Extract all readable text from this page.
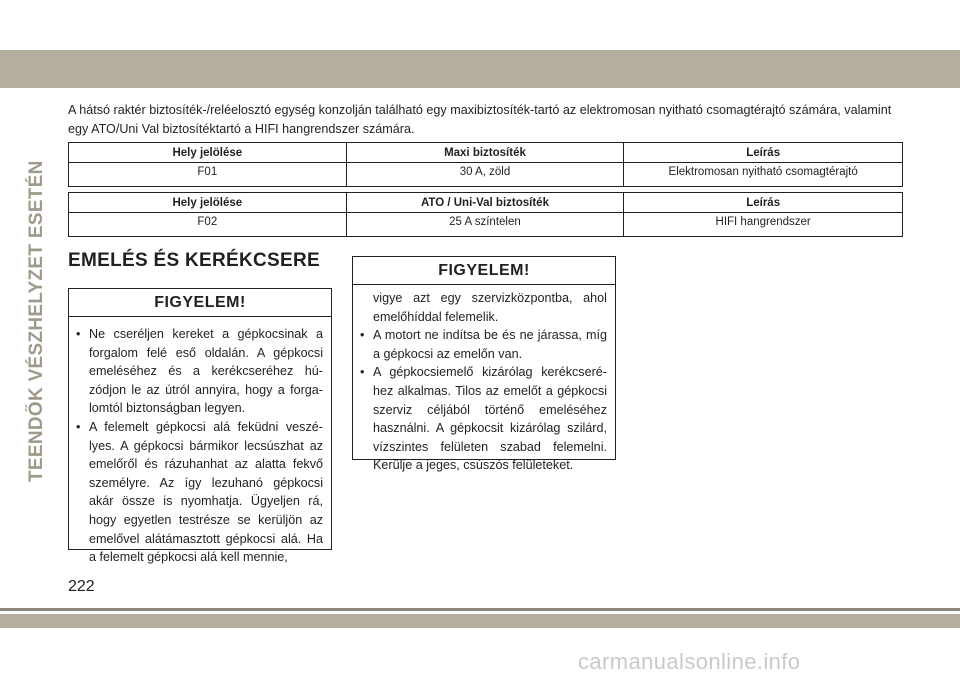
TEENDŐK VÉSZHELYZET ESETÉN

A hátsó raktér biztosíték-/reléelosztó egység konzolján található egy maxibiztosíték-tartó az elektromosan nyitható csomagtérajtó számára, valamint egy ATO/Uni Val biztosítéktartó a HIFI hangrendszer számára.

Hely jelölése	Maxi biztosíték	Leírás
F01	30 A, zöld	Elektromosan nyitható csomagtérajtó
Hely jelölése	ATO / Uni-Val biztosíték	Leírás
F02	25 A színtelen	HIFI hangrendszer
EMELÉS ÉS KERÉKCSERE
FIGYELEM!
• Ne cseréljen kereket a gépkocsinak a forgalom felé eső oldalán. A gépkocsi emeléséhez és a kerékcseréhez húzódjon le az útról annyira, hogy a forgalomtól biztonságban legyen.
• A felemelt gépkocsi alá feküdni veszélyes. A gépkocsi bármikor lecsúszhat az emelőről és rázuhanhat az alatta fekvő személyre. Az így lezuhanó gépkocsi akár össze is nyomhatja. Ügyeljen rá, hogy egyetlen testrésze se kerüljön az emelővel alátámasztott gépkocsi alá. Ha a felemelt gépkocsi alá kell mennie,
FIGYELEM!
vigye azt egy szervizközpontba, ahol emelőhíddal felemelik.
• A motort ne indítsa be és ne járassa, míg a gépkocsi az emelőn van.
• A gépkocsiemelő kizárólag kerékcseréhez alkalmas. Tilos az emelőt a gépkocsi szerviz céljából történő emeléséhez használni. A gépkocsit kizárólag szilárd, vízszintes felületen szabad felemelni. Kerülje a jeges, csúszós felületeket.
222
carmanualsonline.info
